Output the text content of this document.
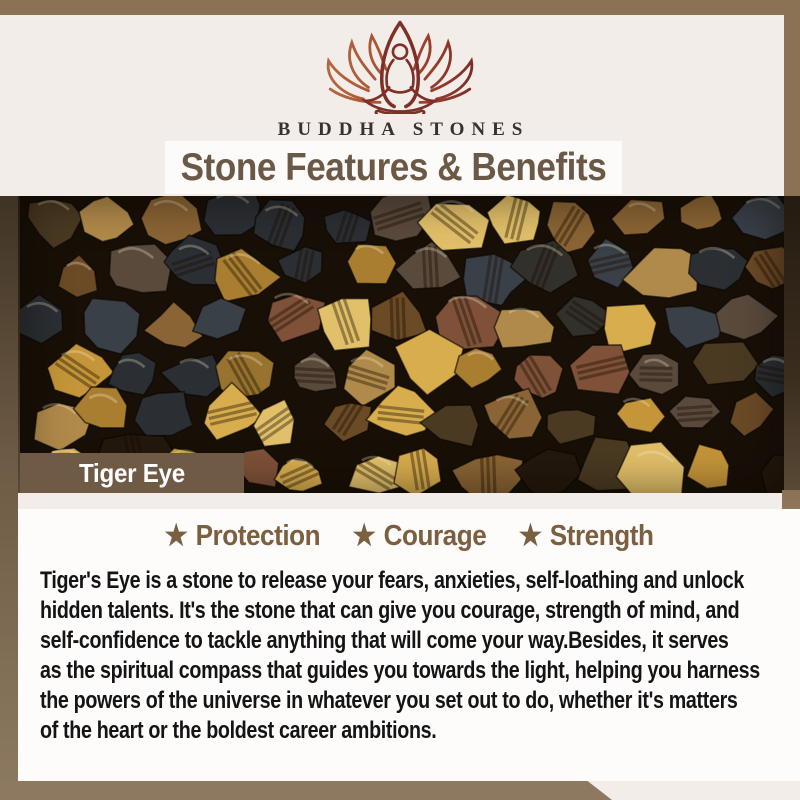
BUDDHA STONES
Stone Features & Benefits
Tiger Eye
★ Protection ★ Courage ★ Strength
Tiger's Eye is a stone to release your fears, anxieties, self-loathing and unlock
hidden talents. It's the stone that can give you courage, strength of mind, and
self-confidence to tackle anything that will come your way.Besides, it serves
as the spiritual compass that guides you towards the light, helping you harness
the powers of the universe in whatever you set out to do, whether it's matters
of the heart or the boldest career ambitions.
